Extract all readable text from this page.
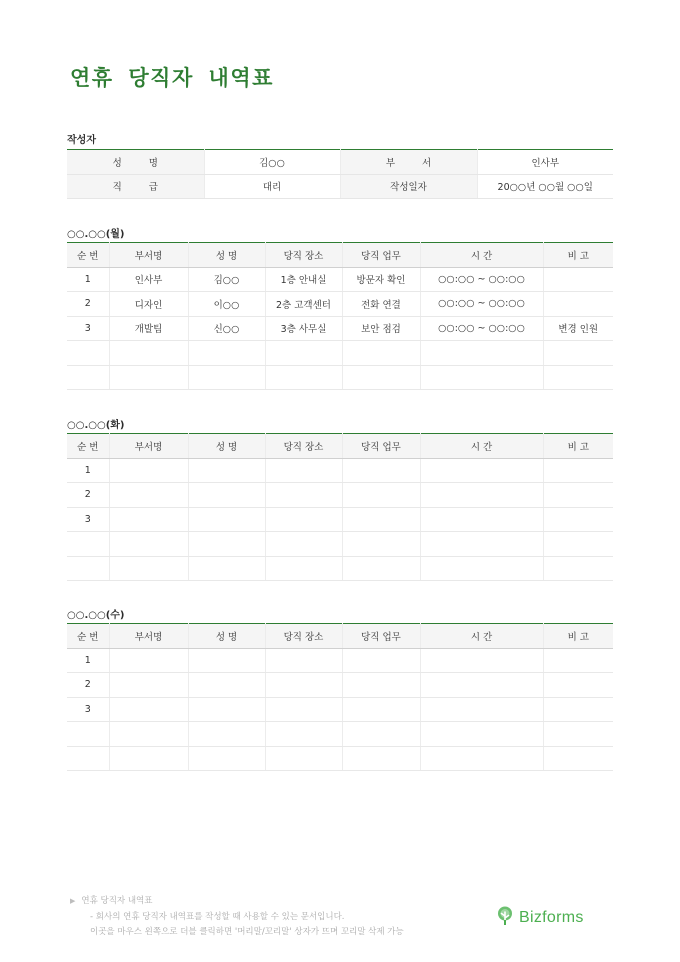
연휴 당직자 내역표
작성자
성 명	김○○	부 서	인사부
직 급	대리	작성일자	20○○년 ○○월 ○○일
○○.○○(월)
순 번	부서명	성 명	당직 장소	당직 업무	시 간	비 고
1	인사부	김○○	1층 안내실	방문자 확인	○○:○○ ~ ○○:○○	
2	디자인	이○○	2층 고객센터	전화 연결	○○:○○ ~ ○○:○○	
3	개발팀	신○○	3층 사무실	보안 점검	○○:○○ ~ ○○:○○	변경 인원

○○.○○(화)
순 번	부서명	성 명	당직 장소	당직 업무	시 간	비 고
1						
2						
3						

○○.○○(수)
순 번	부서명	성 명	당직 장소	당직 업무	시 간	비 고
1						
2						
3						

▶ 연휴 당직자 내역표
- 회사의 연휴 당직자 내역표를 작성할 때 사용할 수 있는 문서입니다.
이곳을 마우스 왼쪽으로 더블 클릭하면 '머리말/꼬리말' 상자가 뜨며 꼬리말 삭제 가능
Bizforms
